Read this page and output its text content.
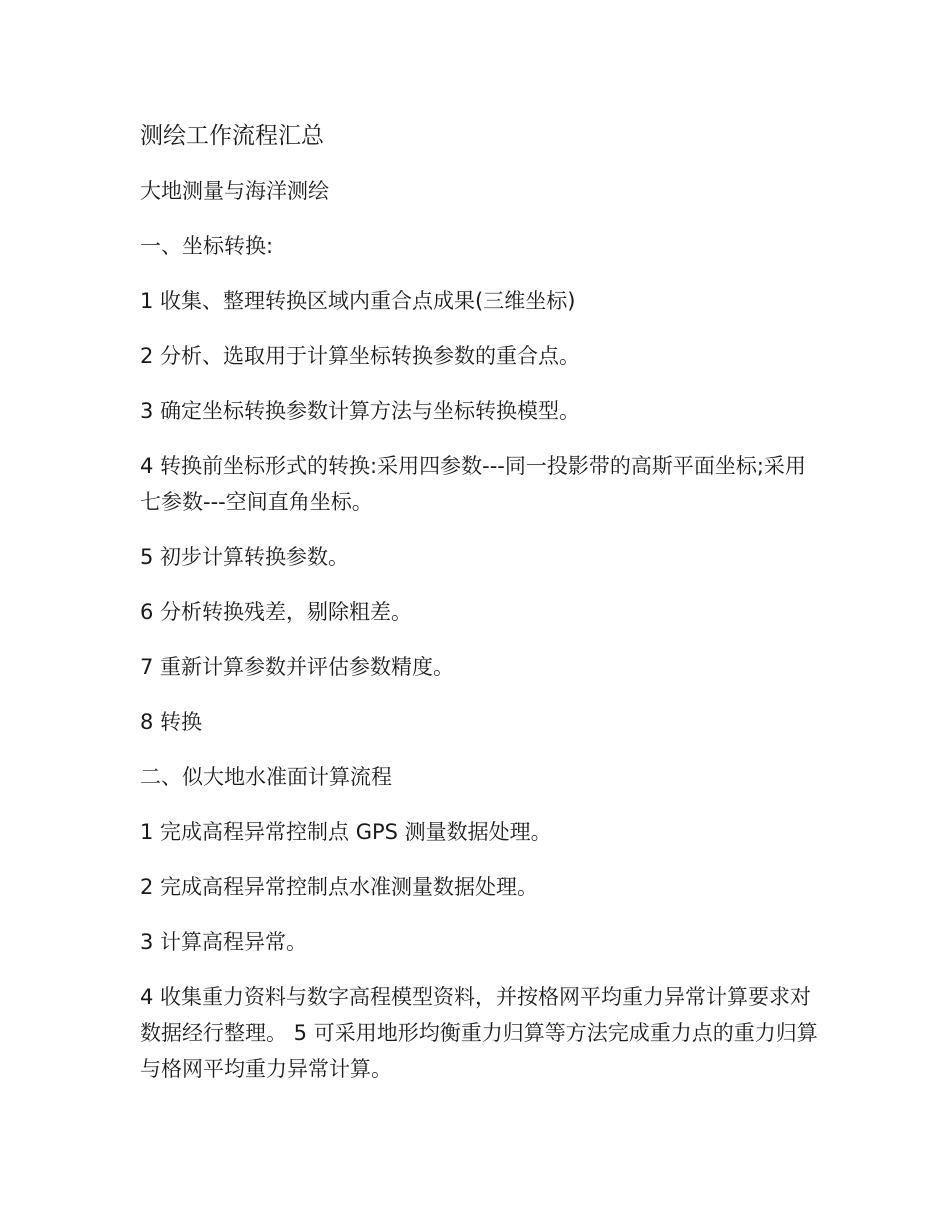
测绘工作流程汇总
大地测量与海洋测绘
一、坐标转换:
1 收集、整理转换区域内重合点成果(三维坐标)
2 分析、选取用于计算坐标转换参数的重合点。
3 确定坐标转换参数计算方法与坐标转换模型。
4 转换前坐标形式的转换:采用四参数---同一投影带的高斯平面坐标;采用七参数---空间直角坐标。
5 初步计算转换参数。
6 分析转换残差，剔除粗差。
7 重新计算参数并评估参数精度。
8 转换
二、似大地水准面计算流程
1 完成高程异常控制点 GPS 测量数据处理。
2 完成高程异常控制点水准测量数据处理。
3 计算高程异常。
4 收集重力资料与数字高程模型资料，并按格网平均重力异常计算要求对数据经行整理。 5 可采用地形均衡重力归算等方法完成重力点的重力归算与格网平均重力异常计算。
